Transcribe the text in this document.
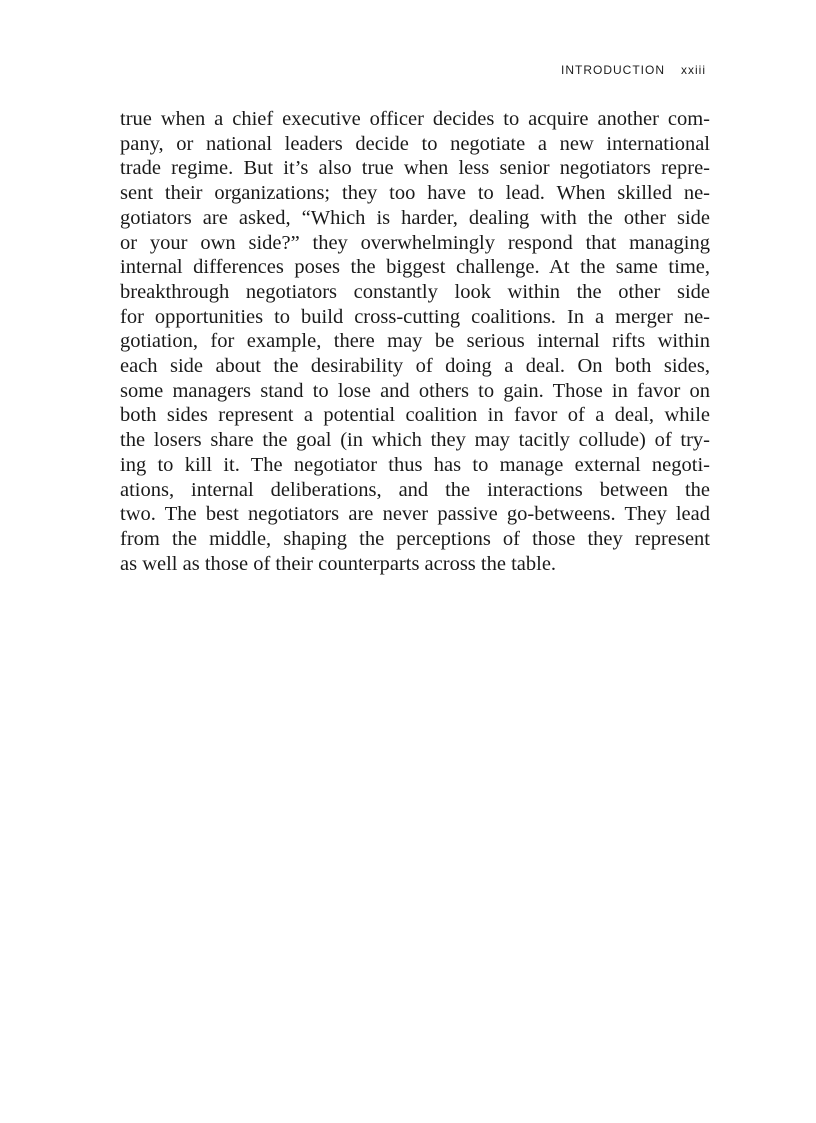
INTRODUCTION xxiii
true when a chief executive officer decides to acquire another com-
pany, or national leaders decide to negotiate a new international
trade regime. But it’s also true when less senior negotiators repre-
sent their organizations; they too have to lead. When skilled ne-
gotiators are asked, “Which is harder, dealing with the other side
or your own side?” they overwhelmingly respond that managing
internal differences poses the biggest challenge. At the same time,
breakthrough negotiators constantly look within the other side
for opportunities to build cross-cutting coalitions. In a merger ne-
gotiation, for example, there may be serious internal rifts within
each side about the desirability of doing a deal. On both sides,
some managers stand to lose and others to gain. Those in favor on
both sides represent a potential coalition in favor of a deal, while
the losers share the goal (in which they may tacitly collude) of try-
ing to kill it. The negotiator thus has to manage external negoti-
ations, internal deliberations, and the interactions between the
two. The best negotiators are never passive go-betweens. They lead
from the middle, shaping the perceptions of those they represent
as well as those of their counterparts across the table.
